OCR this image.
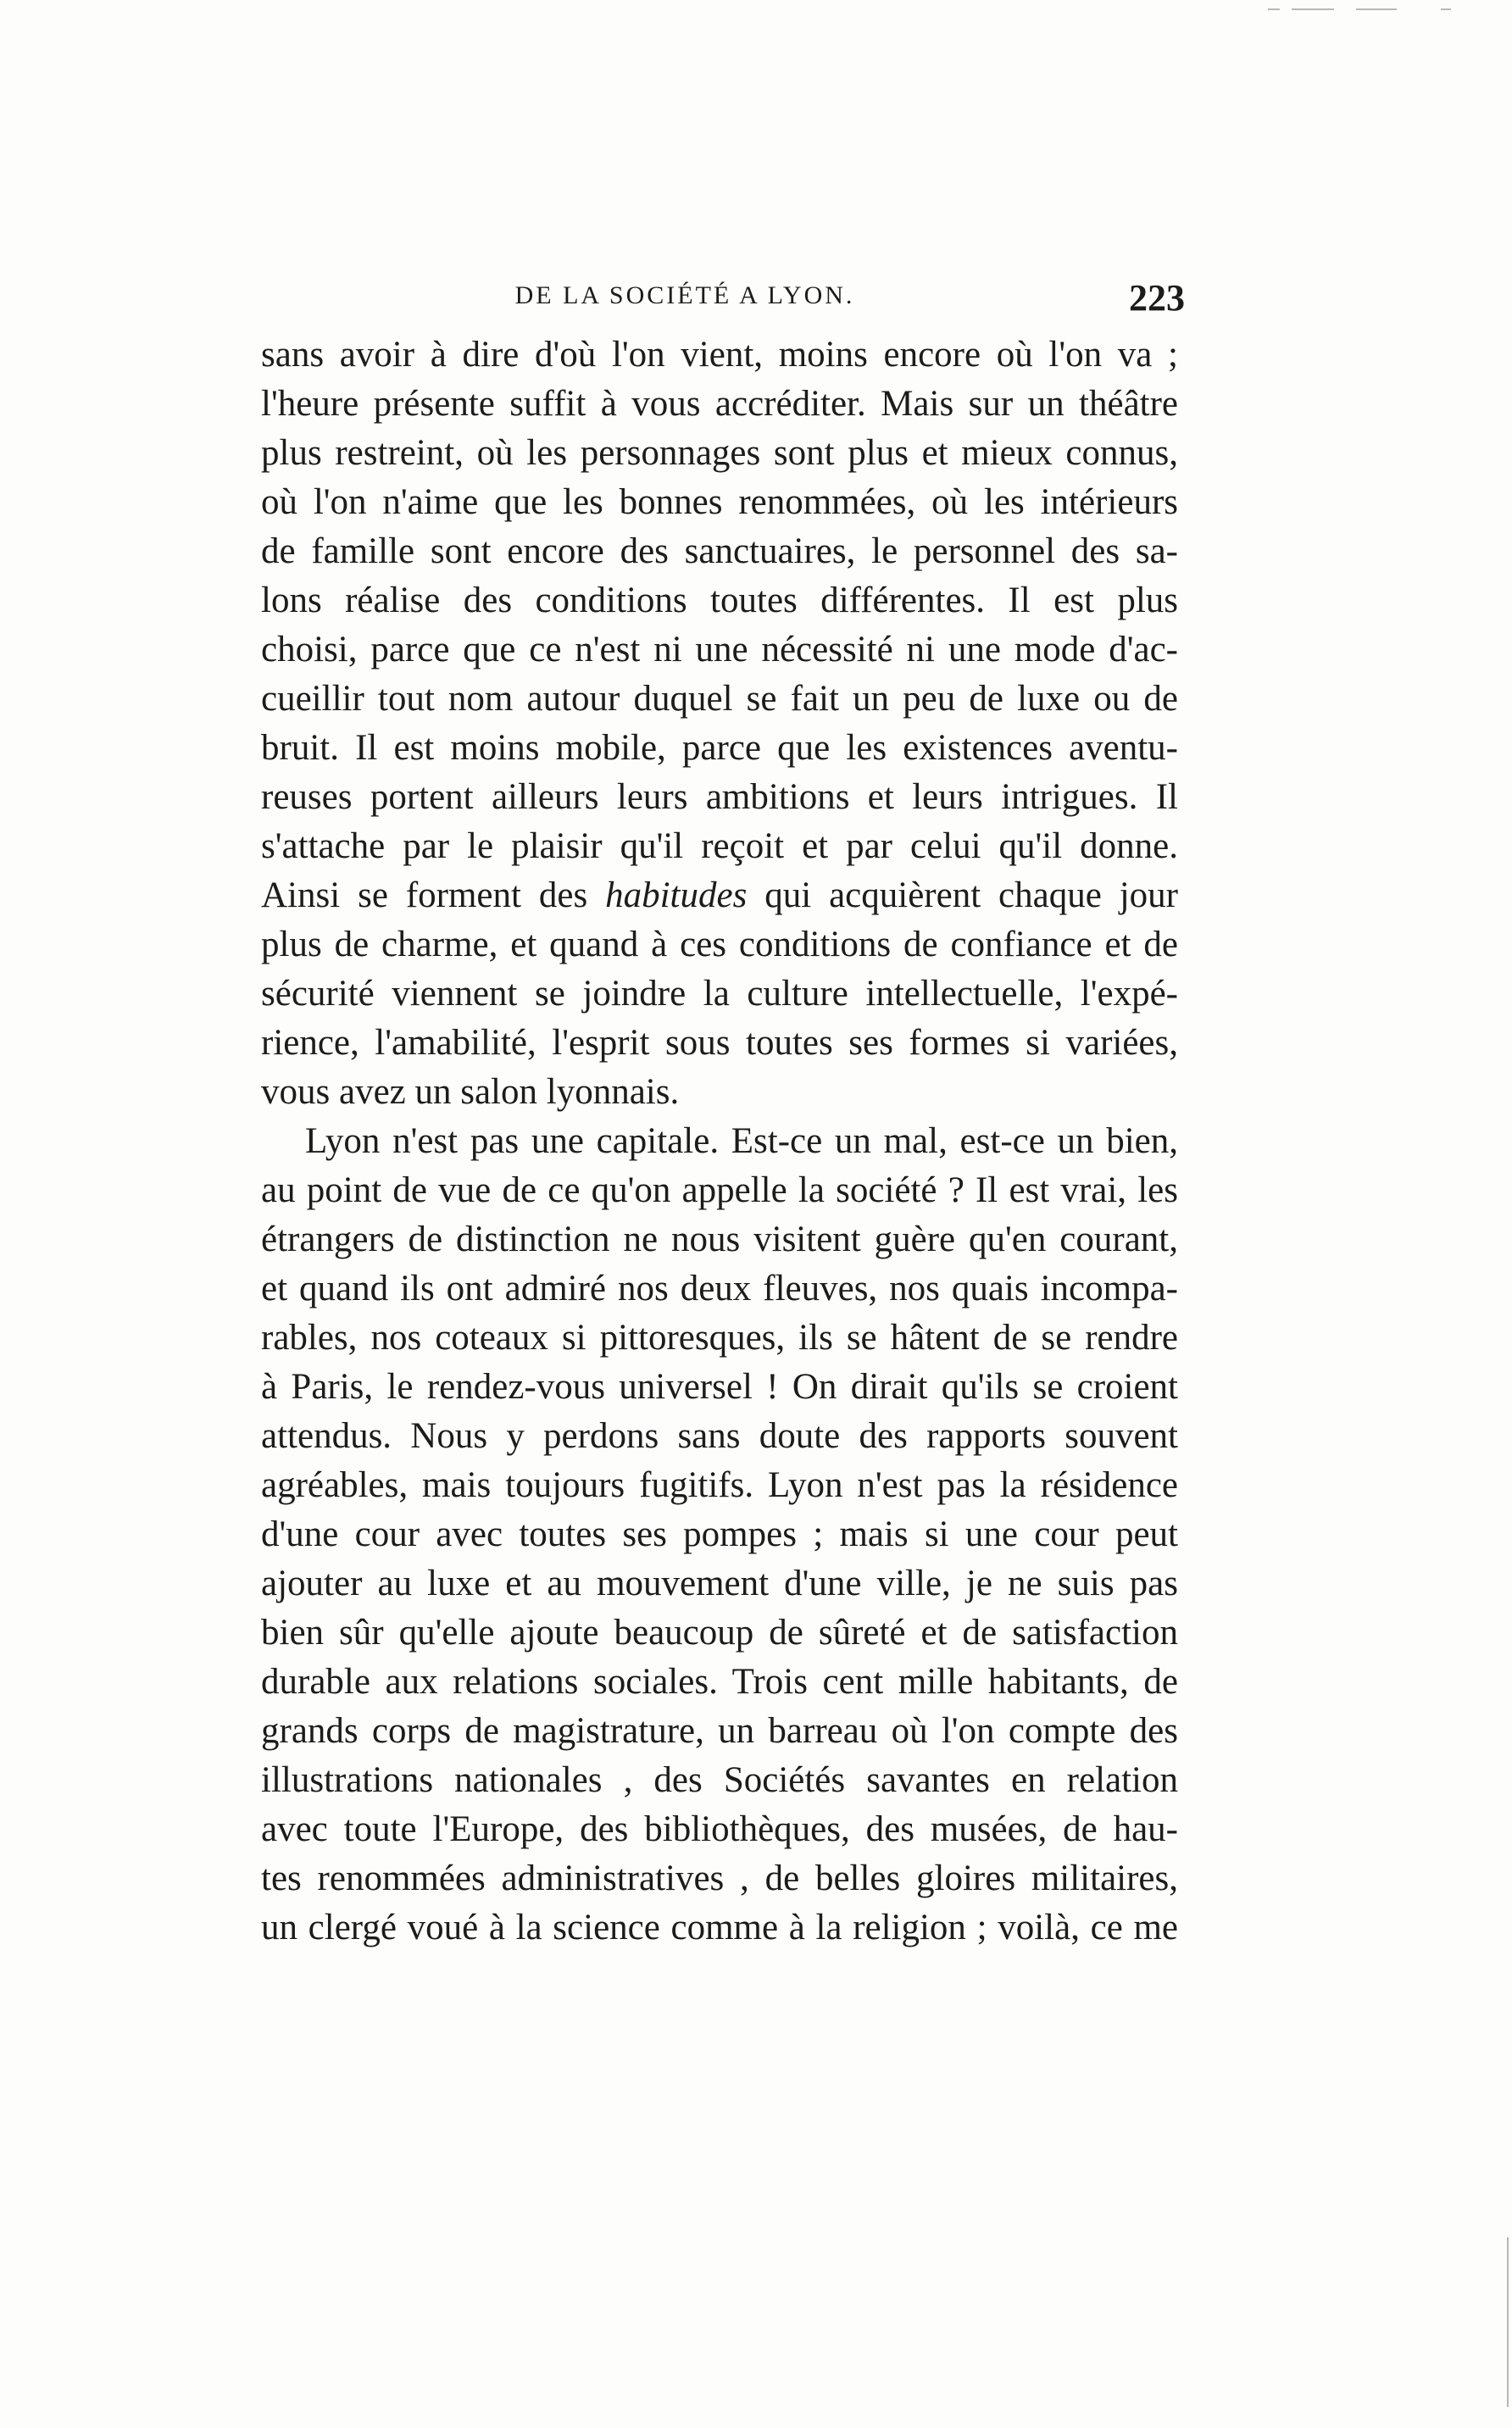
DE LA SOCIÉTÉ A LYON.	223
sans avoir à dire d'où l'on vient, moins encore où l'on va ;
l'heure présente suffit à vous accréditer. Mais sur un théâtre
plus restreint, où les personnages sont plus et mieux connus,
où l'on n'aime que les bonnes renommées, où les intérieurs
de famille sont encore des sanctuaires, le personnel des sa-
lons réalise des conditions toutes différentes. Il est plus
choisi, parce que ce n'est ni une nécessité ni une mode d'ac-
cueillir tout nom autour duquel se fait un peu de luxe ou de
bruit. Il est moins mobile, parce que les existences aventu-
reuses portent ailleurs leurs ambitions et leurs intrigues. Il
s'attache par le plaisir qu'il reçoit et par celui qu'il donne.
Ainsi se forment des habitudes qui acquièrent chaque jour
plus de charme, et quand à ces conditions de confiance et de
sécurité viennent se joindre la culture intellectuelle, l'expé-
rience, l'amabilité, l'esprit sous toutes ses formes si variées,
vous avez un salon lyonnais.
Lyon n'est pas une capitale. Est-ce un mal, est-ce un bien,
au point de vue de ce qu'on appelle la société ? Il est vrai, les
étrangers de distinction ne nous visitent guère qu'en courant,
et quand ils ont admiré nos deux fleuves, nos quais incompa-
rables, nos coteaux si pittoresques, ils se hâtent de se rendre
à Paris, le rendez-vous universel ! On dirait qu'ils se croient
attendus. Nous y perdons sans doute des rapports souvent
agréables, mais toujours fugitifs. Lyon n'est pas la résidence
d'une cour avec toutes ses pompes ; mais si une cour peut
ajouter au luxe et au mouvement d'une ville, je ne suis pas
bien sûr qu'elle ajoute beaucoup de sûreté et de satisfaction
durable aux relations sociales. Trois cent mille habitants, de
grands corps de magistrature, un barreau où l'on compte des
illustrations nationales , des Sociétés savantes en relation
avec toute l'Europe, des bibliothèques, des musées, de hau-
tes renommées administratives , de belles gloires militaires,
un clergé voué à la science comme à la religion ; voilà, ce me
